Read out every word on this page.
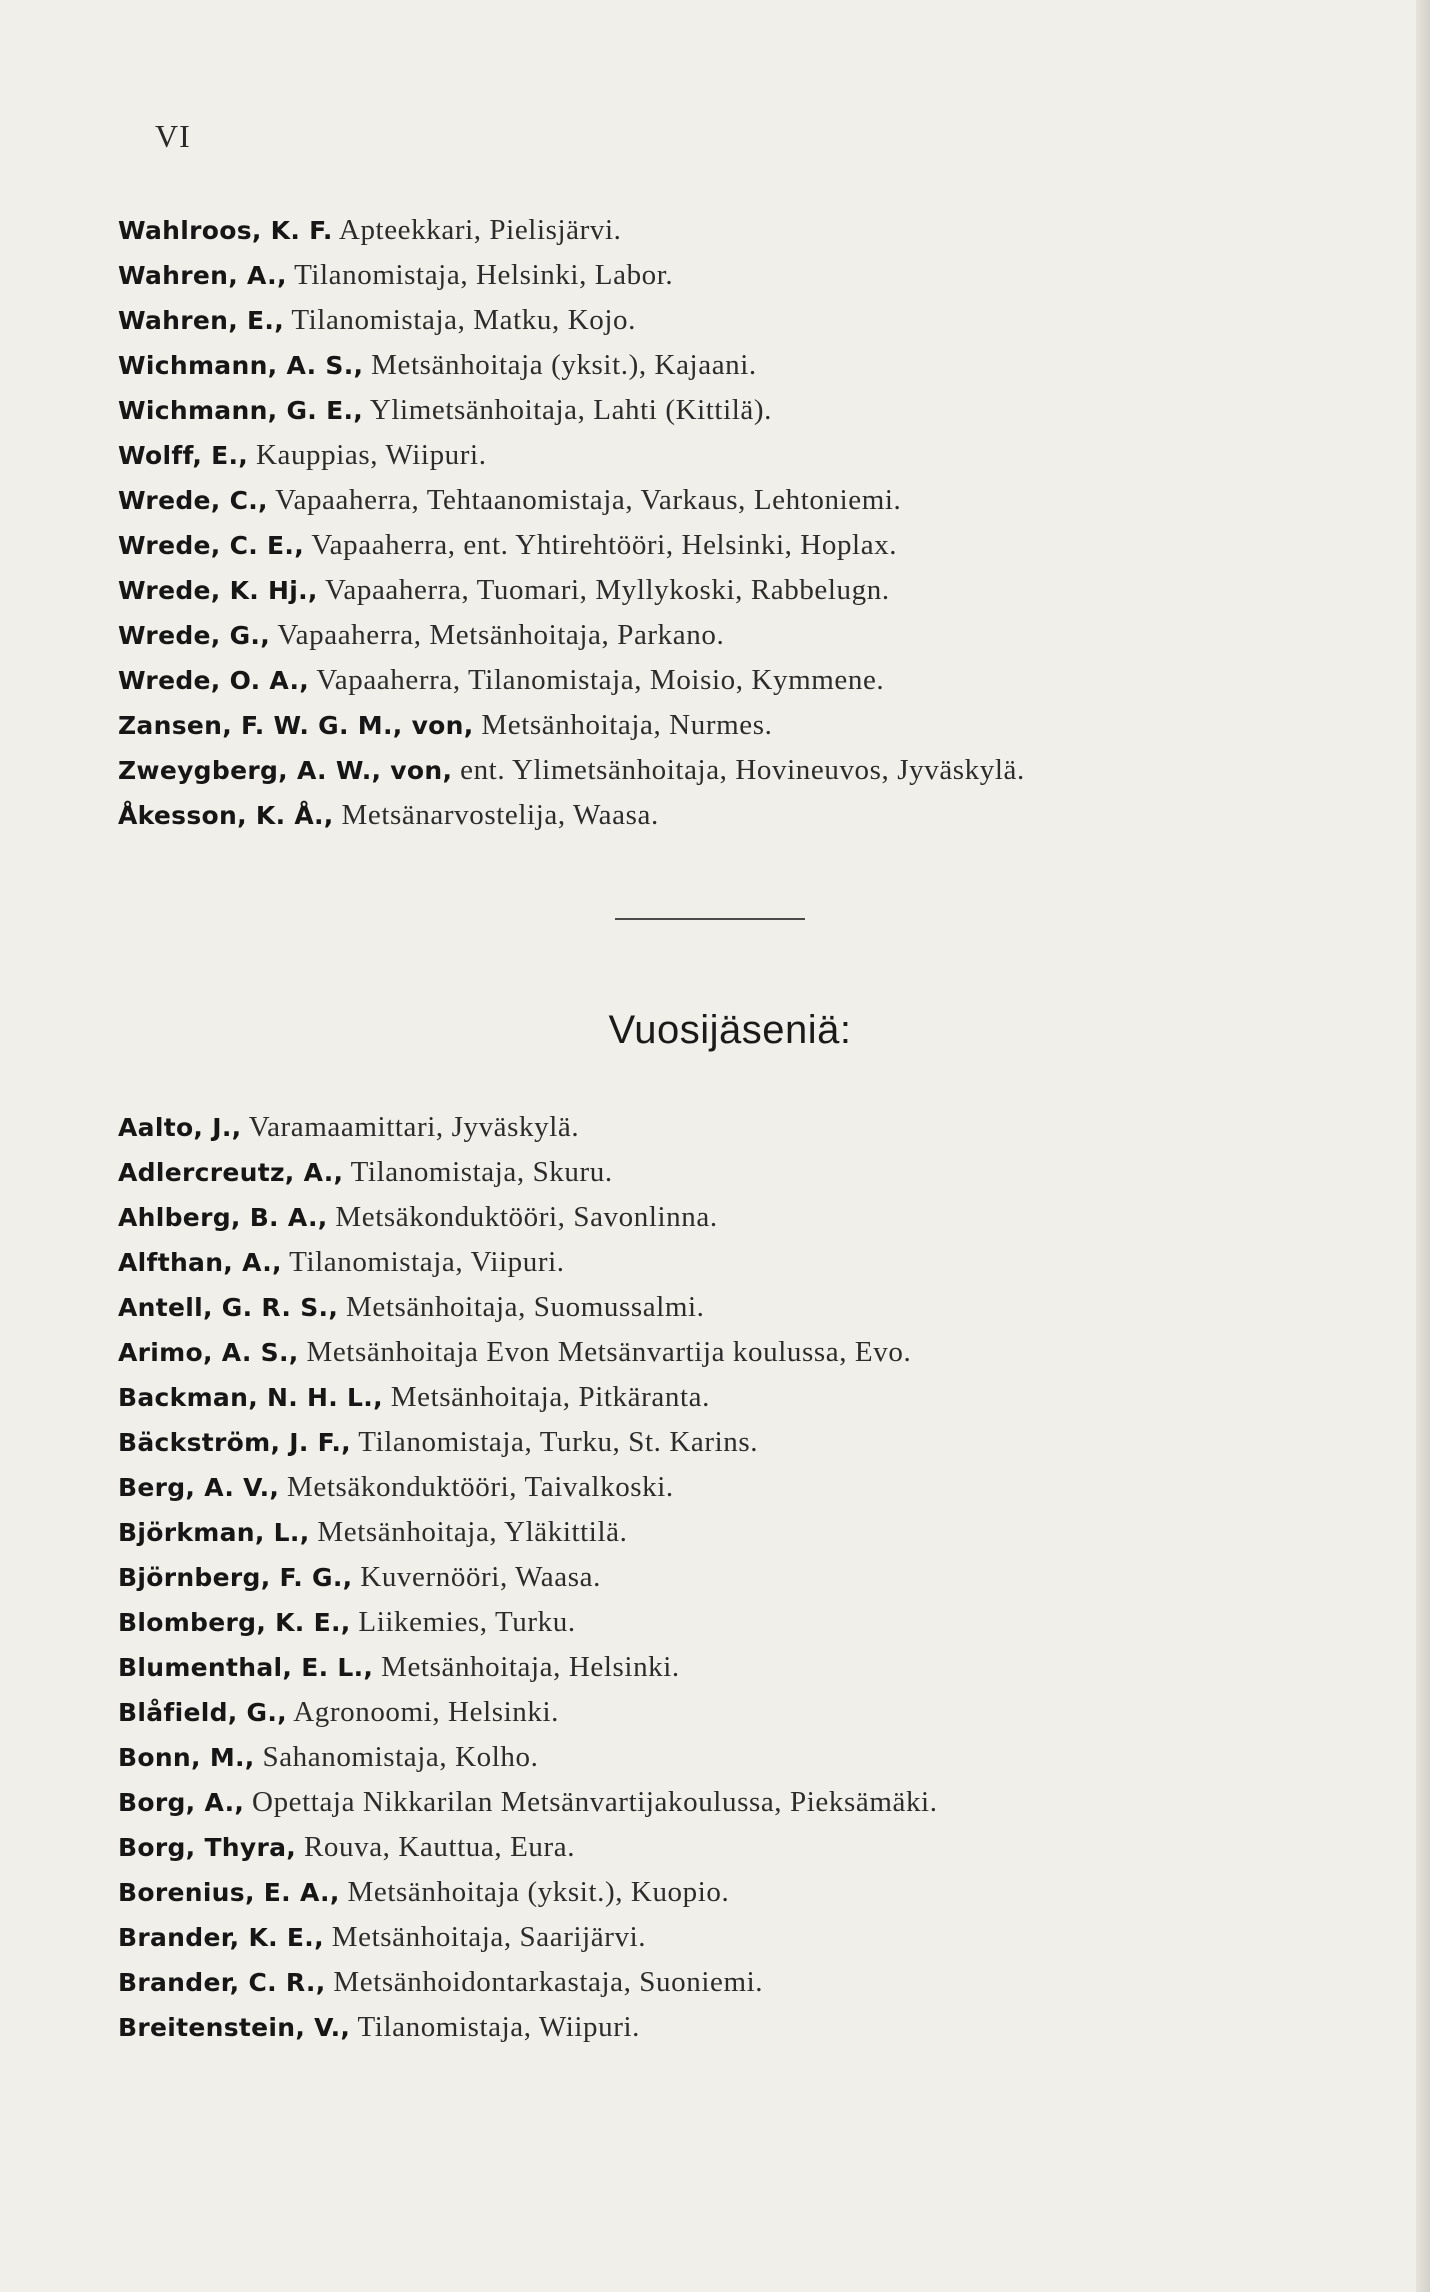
VI
Wahlroos, K. F. Apteekkari, Pielisjärvi.
Wahren, A., Tilanomistaja, Helsinki, Labor.
Wahren, E., Tilanomistaja, Matku, Kojo.
Wichmann, A. S., Metsänhoitaja (yksit.), Kajaani.
Wichmann, G. E., Ylimetsänhoitaja, Lahti (Kittilä).
Wolff, E., Kauppias, Wiipuri.
Wrede, C., Vapaaherra, Tehtaanomistaja, Varkaus, Lehtoniemi.
Wrede, C. E., Vapaaherra, ent. Yhtirehtööri, Helsinki, Hoplax.
Wrede, K. Hj., Vapaaherra, Tuomari, Myllykoski, Rabbelugn.
Wrede, G., Vapaaherra, Metsänhoitaja, Parkano.
Wrede, O. A., Vapaaherra, Tilanomistaja, Moisio, Kymmene.
Zansen, F. W. G. M., von, Metsänhoitaja, Nurmes.
Zweygberg, A. W., von, ent. Ylimetsänhoitaja, Hovineuvos, Jyväskylä.
Åkesson, K. Å., Metsänarvostelija, Waasa.
Vuosijäseniä:
Aalto, J., Varamaamittari, Jyväskylä.
Adlercreutz, A., Tilanomistaja, Skuru.
Ahlberg, B. A., Metsäkonduktööri, Savonlinna.
Alfthan, A., Tilanomistaja, Viipuri.
Antell, G. R. S., Metsänhoitaja, Suomussalmi.
Arimo, A. S., Metsänhoitaja Evon Metsänvartija koulussa, Evo.
Backman, N. H. L., Metsänhoitaja, Pitkäranta.
Bäckström, J. F., Tilanomistaja, Turku, St. Karins.
Berg, A. V., Metsäkonduktööri, Taivalkoski.
Björkman, L., Metsänhoitaja, Yläkittilä.
Björnberg, F. G., Kuvernööri, Waasa.
Blomberg, K. E., Liikemies, Turku.
Blumenthal, E. L., Metsänhoitaja, Helsinki.
Blåfield, G., Agronoomi, Helsinki.
Bonn, M., Sahanomistaja, Kolho.
Borg, A., Opettaja Nikkarilan Metsänvartijakoulussa, Pieksämäki.
Borg, Thyra, Rouva, Kauttua, Eura.
Borenius, E. A., Metsänhoitaja (yksit.), Kuopio.
Brander, K. E., Metsänhoitaja, Saarijärvi.
Brander, C. R., Metsänhoidontarkastaja, Suoniemi.
Breitenstein, V., Tilanomistaja, Wiipuri.
